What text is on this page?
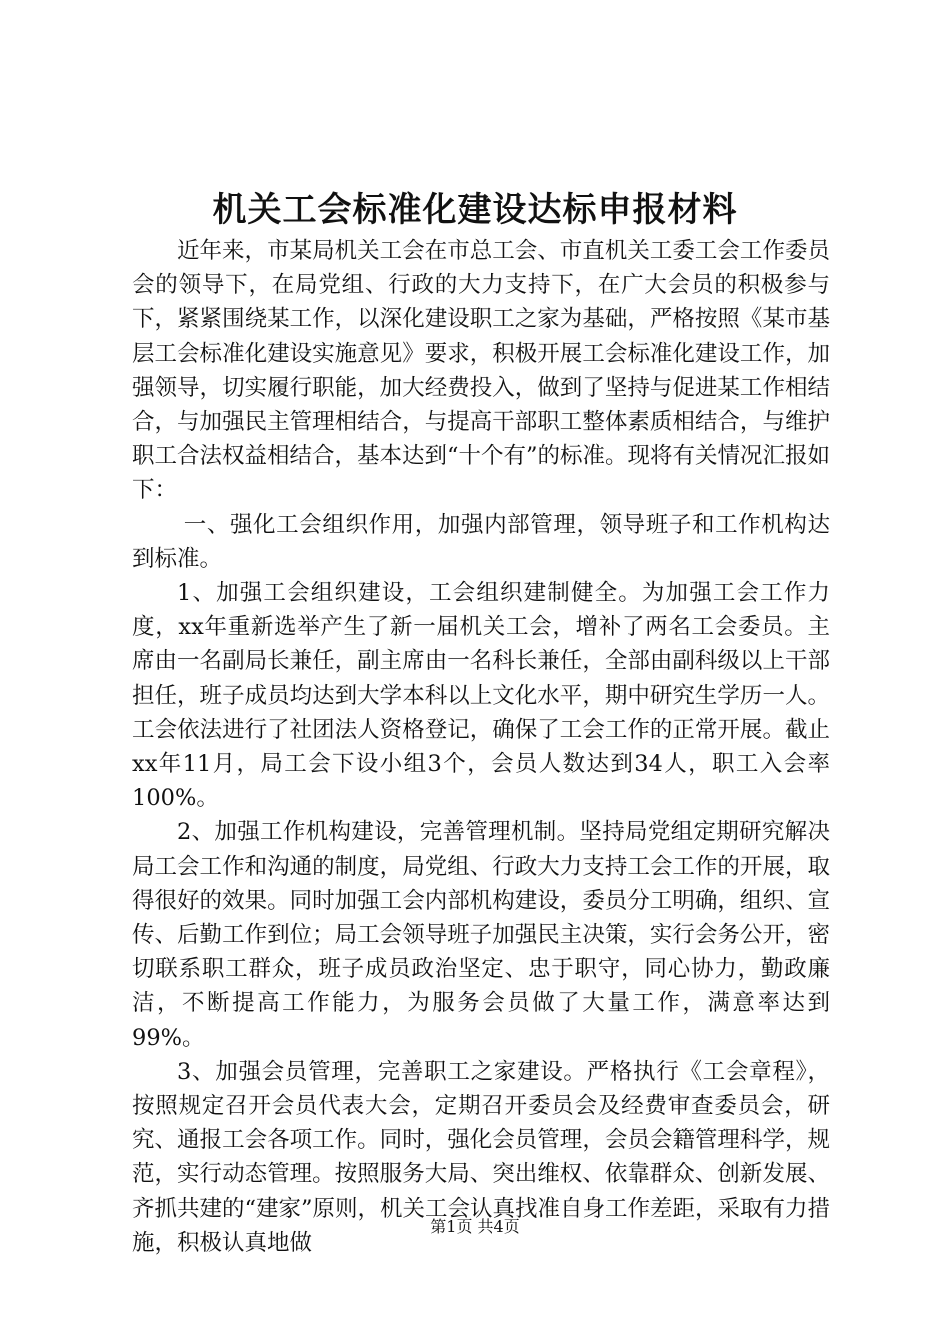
机关工会标准化建设达标申报材料

近年来，市某局机关工会在市总工会、市直机关工委工会工作委员会的领导下，在局党组、行政的大力支持下，在广大会员的积极参与下，紧紧围绕某工作，以深化建设职工之家为基础，严格按照《某市基层工会标准化建设实施意见》要求，积极开展工会标准化建设工作，加强领导，切实履行职能，加大经费投入，做到了坚持与促进某工作相结合，与加强民主管理相结合，与提高干部职工整体素质相结合，与维护职工合法权益相结合，基本达到“十个有”的标准。现将有关情况汇报如下：

一、强化工会组织作用，加强内部管理，领导班子和工作机构达到标准。

1、加强工会组织建设，工会组织建制健全。为加强工会工作力度，xx年重新选举产生了新一届机关工会，增补了两名工会委员。主席由一名副局长兼任，副主席由一名科长兼任，全部由副科级以上干部担任，班子成员均达到大学本科以上文化水平，期中研究生学历一人。工会依法进行了社团法人资格登记，确保了工会工作的正常开展。截止xx年11月，局工会下设小组3个，会员人数达到34人，职工入会率100%。

2、加强工作机构建设，完善管理机制。坚持局党组定期研究解决局工会工作和沟通的制度，局党组、行政大力支持工会工作的开展，取得很好的效果。同时加强工会内部机构建设，委员分工明确，组织、宣传、后勤工作到位；局工会领导班子加强民主决策，实行会务公开，密切联系职工群众，班子成员政治坚定、忠于职守，同心协力，勤政廉洁，不断提高工作能力，为服务会员做了大量工作，满意率达到99%。

3、加强会员管理，完善职工之家建设。严格执行《工会章程》，按照规定召开会员代表大会，定期召开委员会及经费审查委员会，研究、通报工会各项工作。同时，强化会员管理，会员会籍管理科学，规范，实行动态管理。按照服务大局、突出维权、依靠群众、创新发展、齐抓共建的“建家”原则，机关工会认真找准自身工作差距，采取有力措施，积极认真地做

第1页 共4页
